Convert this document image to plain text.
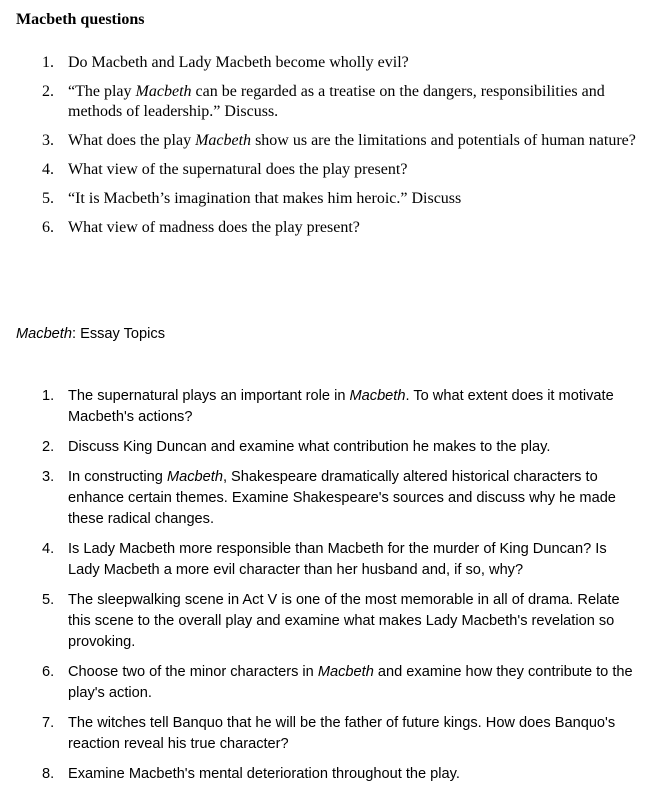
Macbeth questions
1. Do Macbeth and Lady Macbeth become wholly evil?
2. “The play Macbeth can be regarded as a treatise on the dangers, responsibilities and methods of leadership.” Discuss.
3. What does the play Macbeth show us are the limitations and potentials of human nature?
4. What view of the supernatural does the play present?
5. “It is Macbeth’s imagination that makes him heroic.” Discuss
6. What view of madness does the play present?
Macbeth: Essay Topics
1. The supernatural plays an important role in Macbeth. To what extent does it motivate Macbeth's actions?
2. Discuss King Duncan and examine what contribution he makes to the play.
3. In constructing Macbeth, Shakespeare dramatically altered historical characters to enhance certain themes. Examine Shakespeare's sources and discuss why he made these radical changes.
4. Is Lady Macbeth more responsible than Macbeth for the murder of King Duncan? Is Lady Macbeth a more evil character than her husband and, if so, why?
5. The sleepwalking scene in Act V is one of the most memorable in all of drama. Relate this scene to the overall play and examine what makes Lady Macbeth's revelation so provoking.
6. Choose two of the minor characters in Macbeth and examine how they contribute to the play's action.
7. The witches tell Banquo that he will be the father of future kings. How does Banquo's reaction reveal his true character?
8. Examine Macbeth's mental deterioration throughout the play.
